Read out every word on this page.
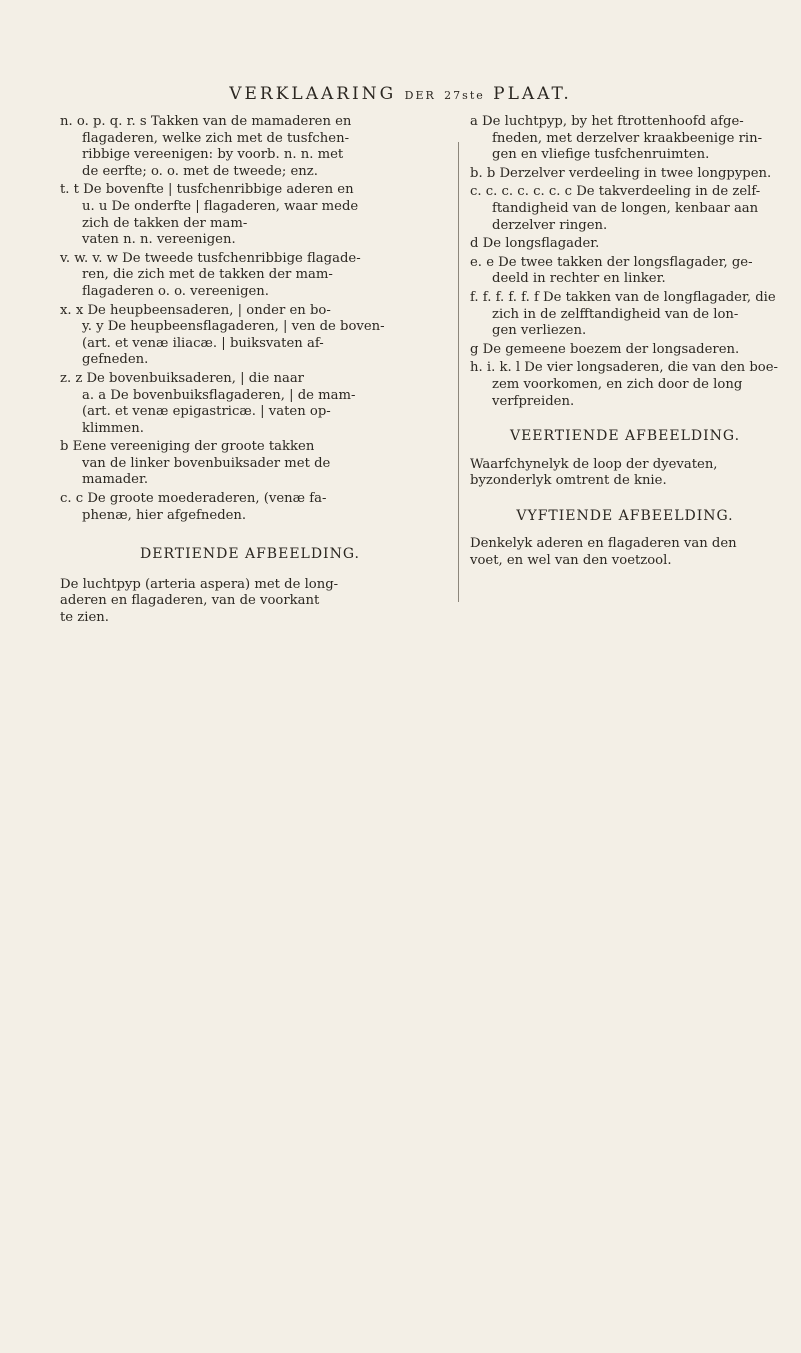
VERKLAARING DER 27ste PLAAT.

n. o. p. q. r. s Takken van de mamaderen en
flagaderen, welke zich met de tusfchen-
ribbige vereenigen: by voorb. n. n. met
de eerfte; o. o. met de tweede; enz.

t. t De bovenfte | tusfchenribbige aderen en
u. u De onderfte | flagaderen, waar mede
zich de takken der mam-
vaten n. n. vereenigen.

v. w. v. w De tweede tusfchenribbige flagade-
ren, die zich met de takken der mam-
flagaderen o. o. vereenigen.

x. x De heupbeensaderen, | onder en bo-
y. y De heupbeensflagaderen, | ven de boven-
(art. et venæ iliacæ. | buiksvaten af-
gefneden.

z. z De bovenbuiksaderen, | die naar
a. a De bovenbuiksflagaderen, | de mam-
(art. et venæ epigastricæ. | vaten op-
klimmen.

b Eene vereeniging der groote takken
van de linker bovenbuiksader met de
mamader.

c. c De groote moederaderen, (venæ fa-
phenæ, hier afgefneden.

DERTIENDE AFBEELDING.

De luchtpyp (arteria aspera) met de long-
aderen en flagaderen, van de voorkant
te zien.

a De luchtpyp, by het ftrottenhoofd afge-
fneden, met derzelver kraakbeenige rin-
gen en vliefige tusfchenruimten.

b. b Derzelver verdeeling in twee longpypen.

c. c. c. c. c. c. c De takverdeeling in de zelf-
ftandigheid van de longen, kenbaar aan
derzelver ringen.

d De longsflagader.

e. e De twee takken der longsflagader, ge-
deeld in rechter en linker.

f. f. f. f. f. f De takken van de longflagader, die
zich in de zelfftandigheid van de lon-
gen verliezen.

g De gemeene boezem der longsaderen.

h. i. k. l De vier longsaderen, die van den boe-
zem voorkomen, en zich door de long
verfpreiden.

VEERTIENDE AFBEELDING.

Waarfchynelyk de loop der dyevaten,
byzonderlyk omtrent de knie.

VYFTIENDE AFBEELDING.

Denkelyk aderen en flagaderen van den
voet, en wel van den voetzool.
